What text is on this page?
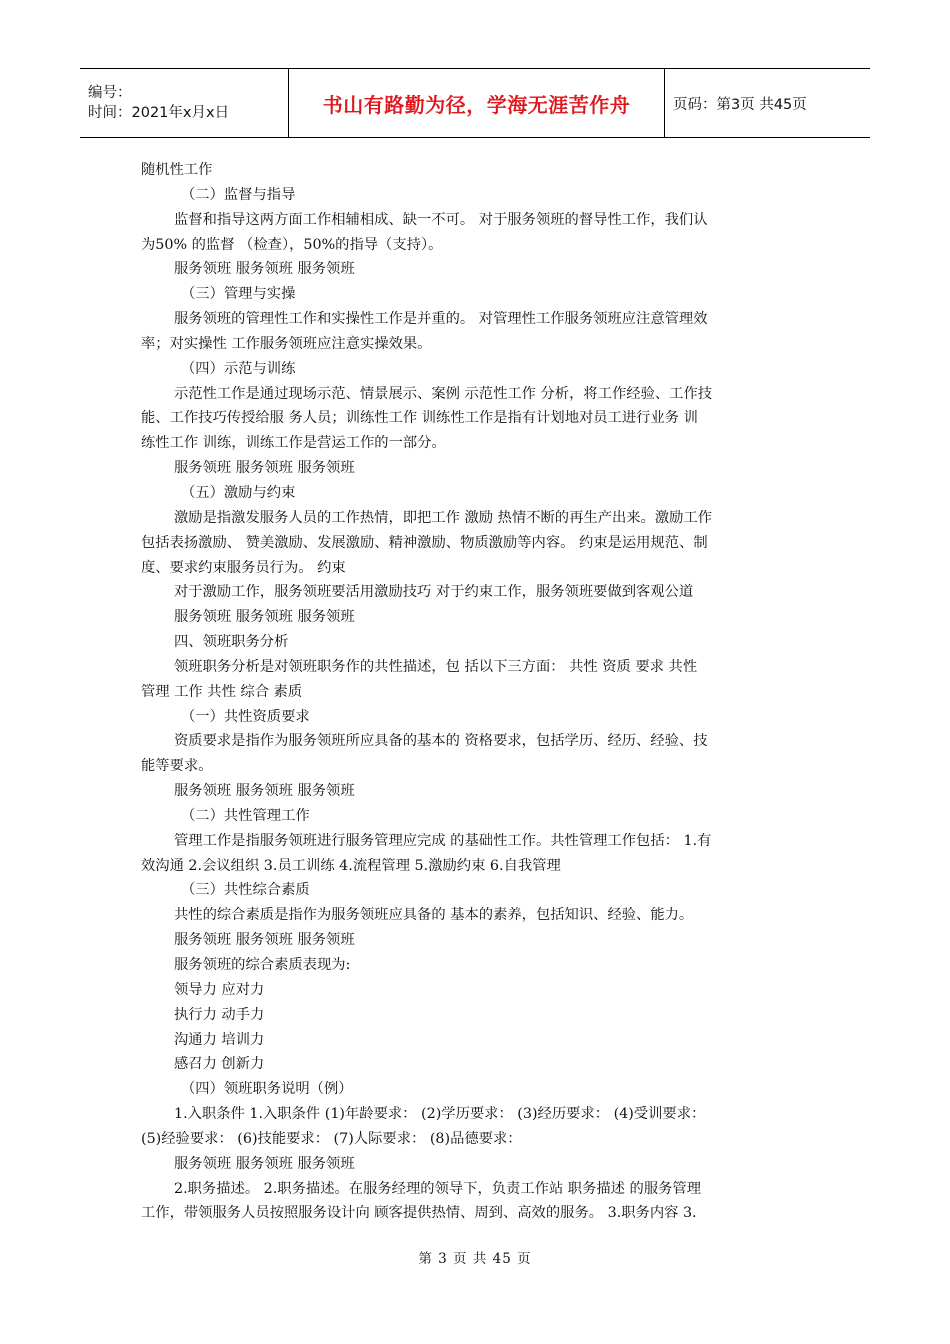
编号：
时间：2021年x月x日	书山有路勤为径，学海无涯苦作舟	页码：第3页 共45页
随机性工作
（二）监督与指导
监督和指导这两方面工作相辅相成、缺一不可。 对于服务领班的督导性工作，我们认
为50% 的监督 （检查），50%的指导（支持）。
服务领班 服务领班 服务领班
（三）管理与实操
服务领班的管理性工作和实操性工作是并重的。 对管理性工作服务领班应注意管理效
率；对实操性 工作服务领班应注意实操效果。
（四）示范与训练
示范性工作是通过现场示范、情景展示、案例 示范性工作 分析，将工作经验、工作技
能、工作技巧传授给服 务人员；训练性工作 训练性工作是指有计划地对员工进行业务 训
练性工作 训练，训练工作是营运工作的一部分。
服务领班 服务领班 服务领班
（五）激励与约束
激励是指激发服务人员的工作热情，即把工作 激励 热情不断的再生产出来。激励工作
包括表扬激励、 赞美激励、发展激励、精神激励、物质激励等内容。 约束是运用规范、制
度、要求约束服务员行为。 约束
对于激励工作，服务领班要活用激励技巧 对于约束工作，服务领班要做到客观公道
服务领班 服务领班 服务领班
四、领班职务分析
领班职务分析是对领班职务作的共性描述，包 括以下三方面： 共性 资质 要求 共性
管理 工作 共性 综合 素质
（一）共性资质要求
资质要求是指作为服务领班所应具备的基本的 资格要求，包括学历、经历、经验、技
能等要求。
服务领班 服务领班 服务领班
（二）共性管理工作
管理工作是指服务领班进行服务管理应完成 的基础性工作。共性管理工作包括： 1.有
效沟通 2.会议组织 3.员工训练 4.流程管理 5.激励约束 6.自我管理
（三）共性综合素质
共性的综合素质是指作为服务领班应具备的 基本的素养，包括知识、经验、能力。
服务领班 服务领班 服务领班
服务领班的综合素质表现为:
领导力 应对力
执行力 动手力
沟通力 培训力
感召力 创新力
（四）领班职务说明（例）
1.入职条件 1.入职条件 (1)年龄要求： (2)学历要求： (3)经历要求： (4)受训要求：
(5)经验要求： (6)技能要求： (7)人际要求： (8)品德要求：
服务领班 服务领班 服务领班
2.职务描述。 2.职务描述。在服务经理的领导下，负责工作站 职务描述 的服务管理
工作，带领服务人员按照服务设计向 顾客提供热情、周到、高效的服务。 3.职务内容 3.
第 3 页 共 45 页
